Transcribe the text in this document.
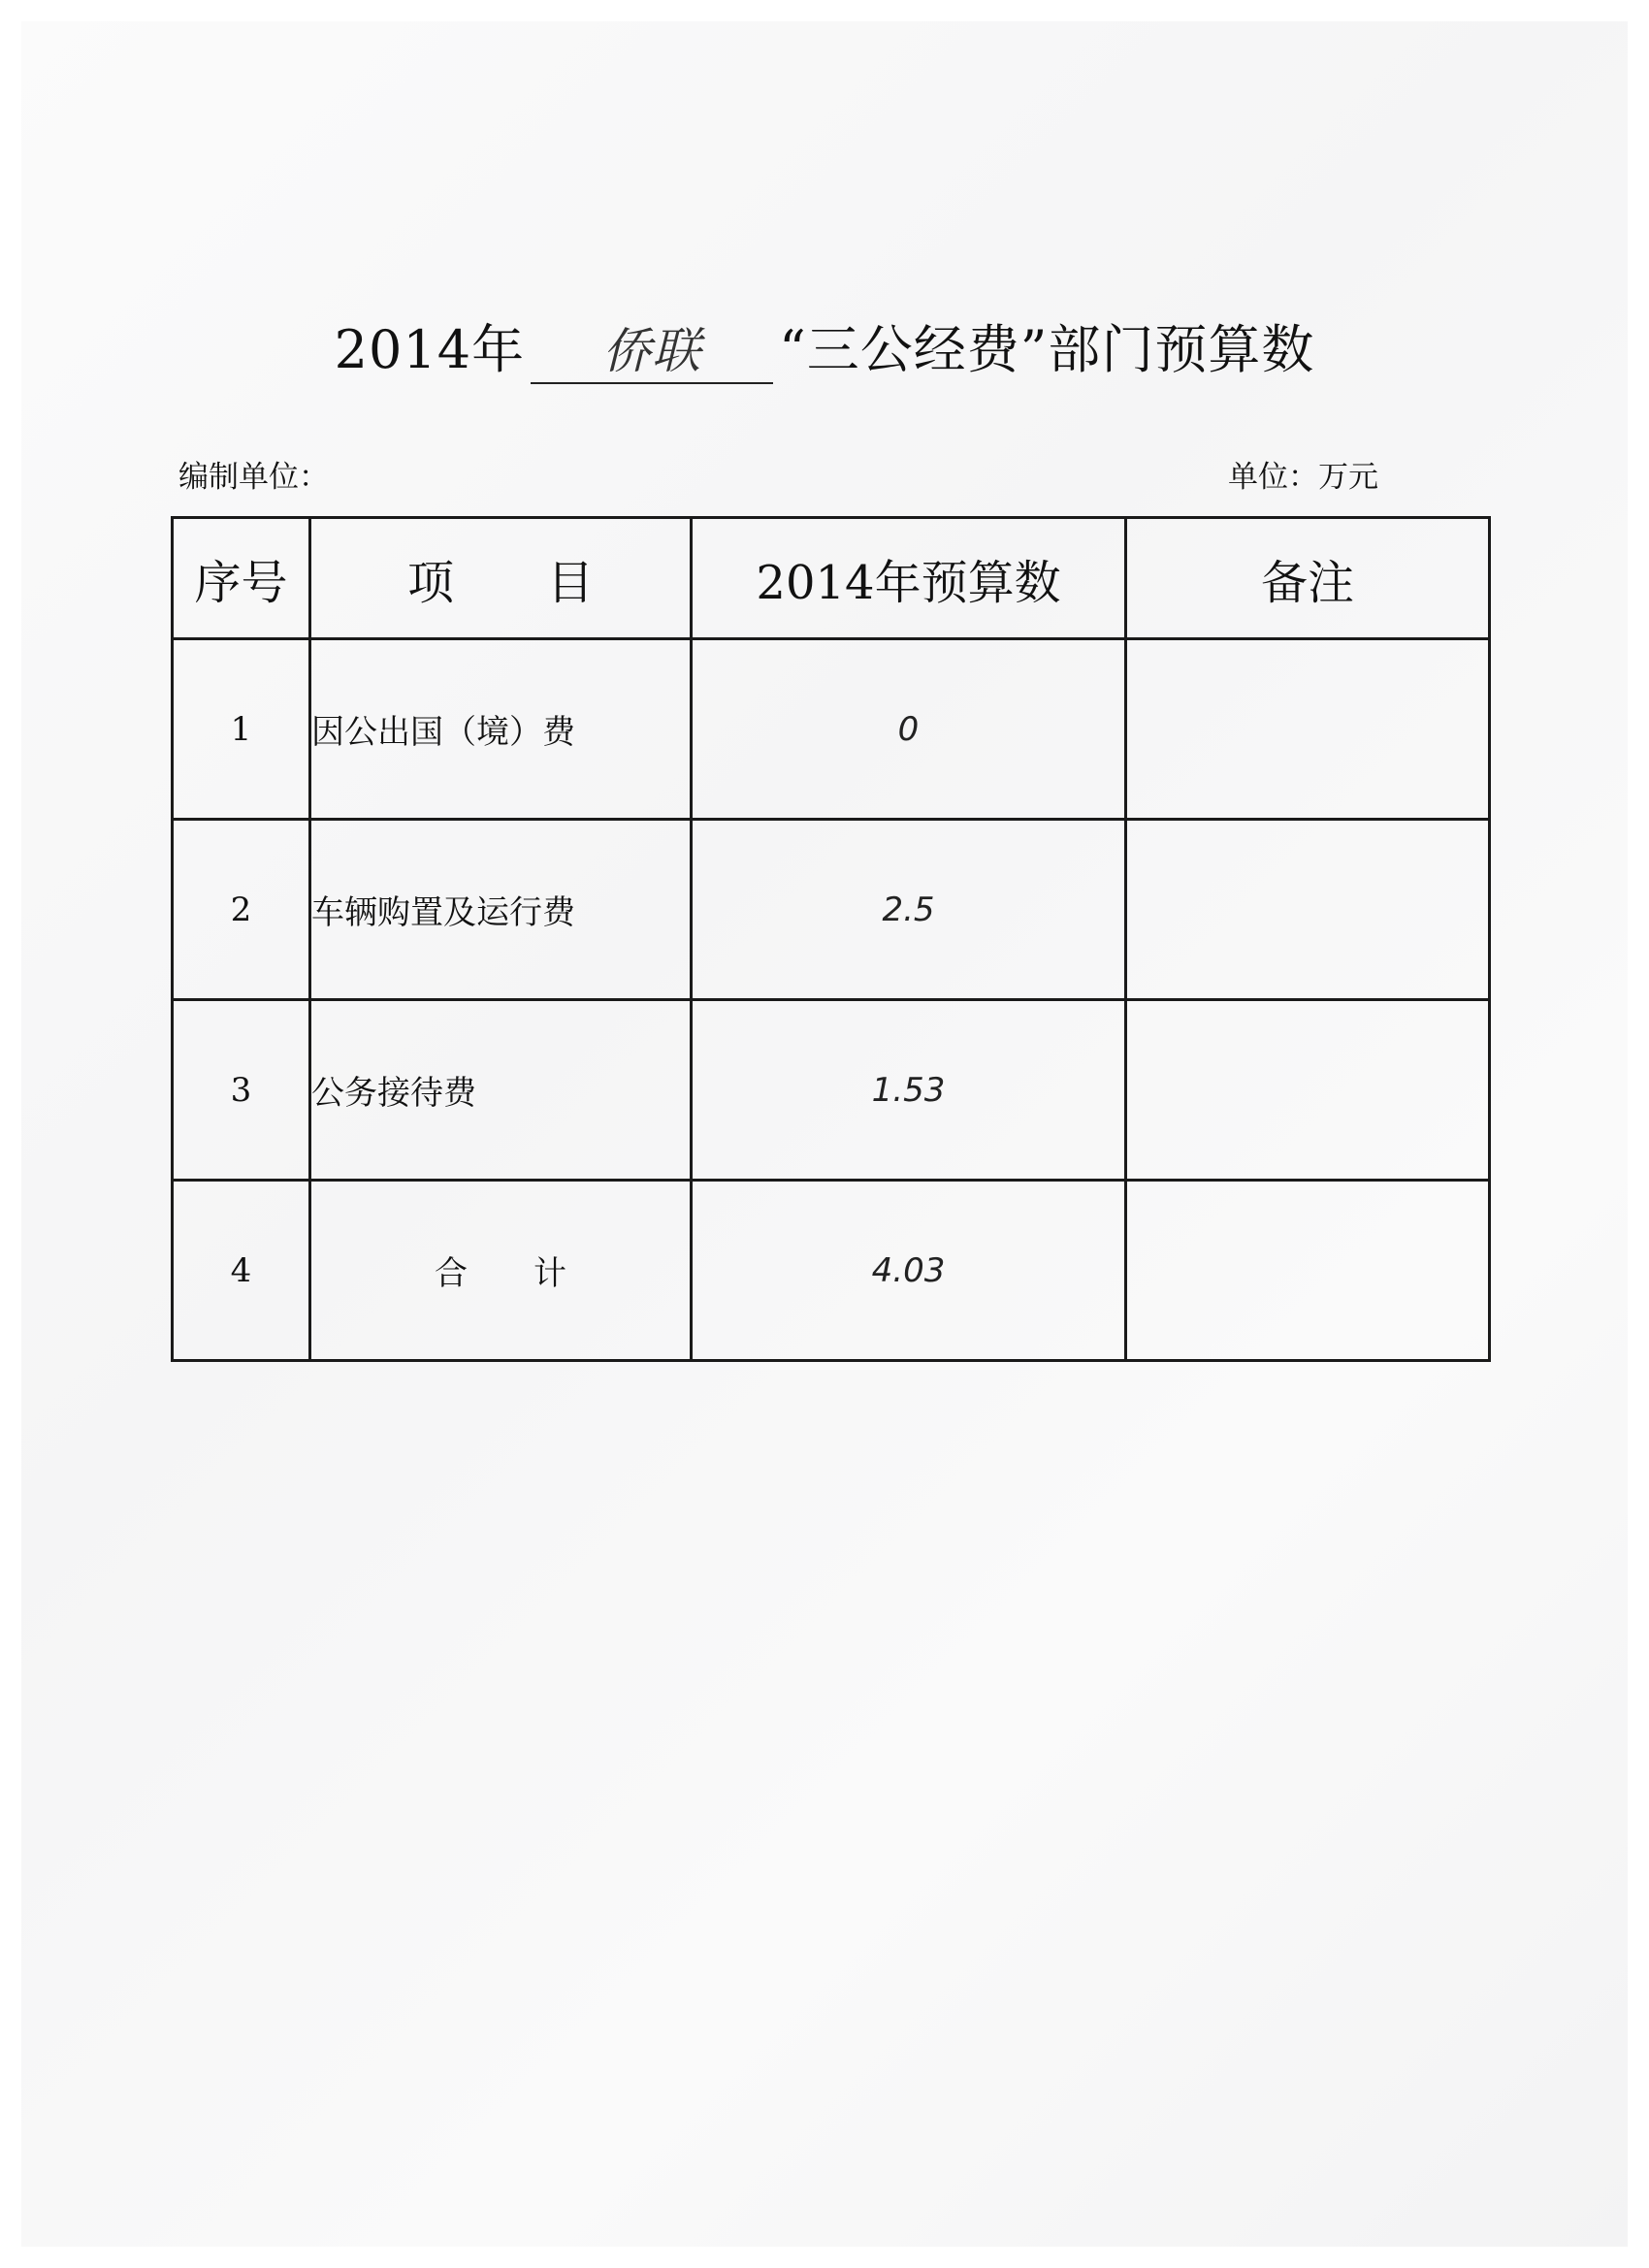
2014年 侨联 “三公经费”部门预算数
编制单位：	单位：万元
序号	项　　目	2014年预算数	备注
1	因公出国（境）费	0	
2	车辆购置及运行费	2.5	
3	公务接待费	1.53	
4	合　　计	4.03	
